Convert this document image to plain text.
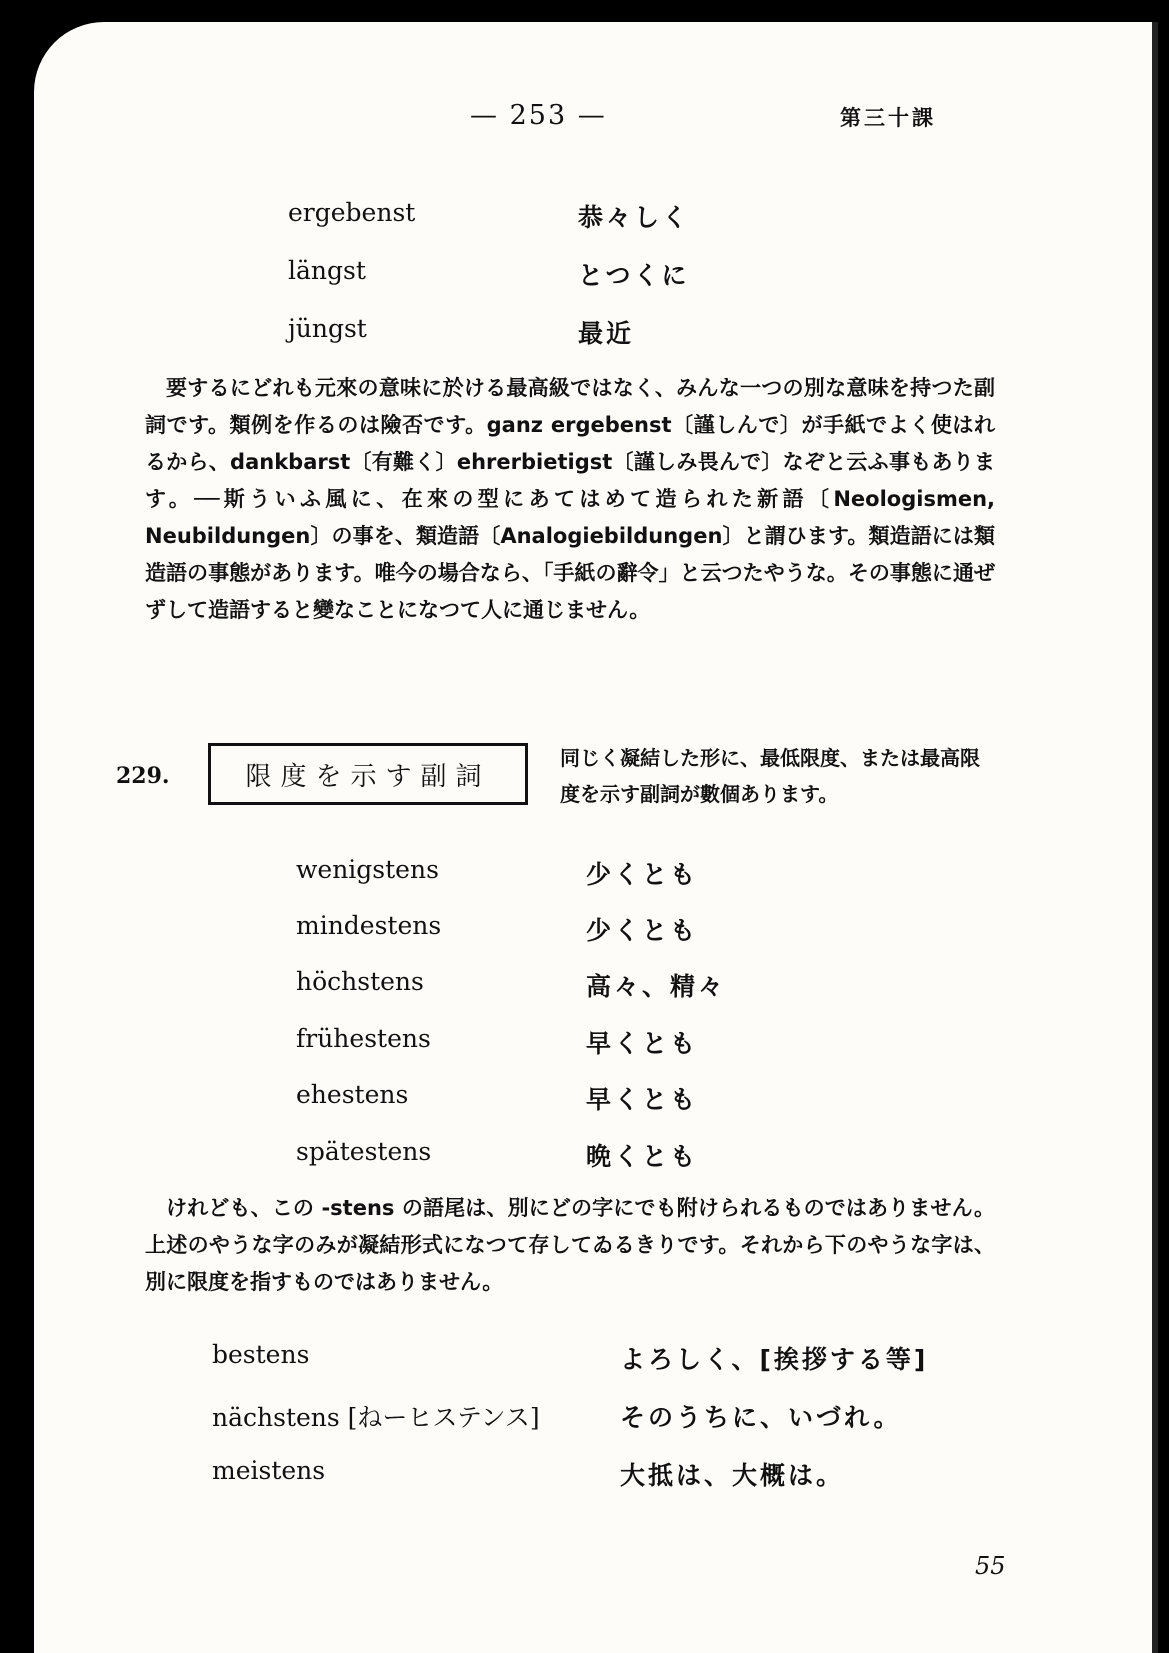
— 253 —	第三十課
ergebenst	恭々しく
längst	とつくに
jüngst	最近

要するにどれも元來の意味に於ける最高級ではなく、みんな一つの別な意味を持つた副詞です。類例を作るのは險否です。ganz ergebenst〔謹しんで〕が手紙でよく使はれるから、dankbarst〔有難く〕ehrerbietigst〔謹しみ畏んで〕なぞと云ふ事もあります。──斯ういふ風に、在來の型にあてはめて造られた新語〔Neologismen, Neubildungen〕の事を、類造語〔Analogiebildungen〕と謂ひます。類造語には類造語の事態があります。唯今の場合なら、「手紙の辭令」と云つたやうな。その事態に通ぜずして造語すると變なことになつて人に通じません。

229.	限度を示す副詞
同じく凝結した形に、最低限度、または最高限度を示す副詞が數個あります。
wenigstens	少くとも
mindestens	少くとも
höchstens	高々、精々
frühestens	早くとも
ehestens	早くとも
spätestens	晩くとも

けれども、この -stens の語尾は、別にどの字にでも附けられるものではありません。上述のやうな字のみが凝結形式になつて存してゐるきりです。それから下のやうな字は、別に限度を指すものではありません。

bestens	よろしく、[挨拶する等]
nächstens [ねーヒステンス]	そのうちに、いづれ。
meistens	大抵は、大概は。
55
